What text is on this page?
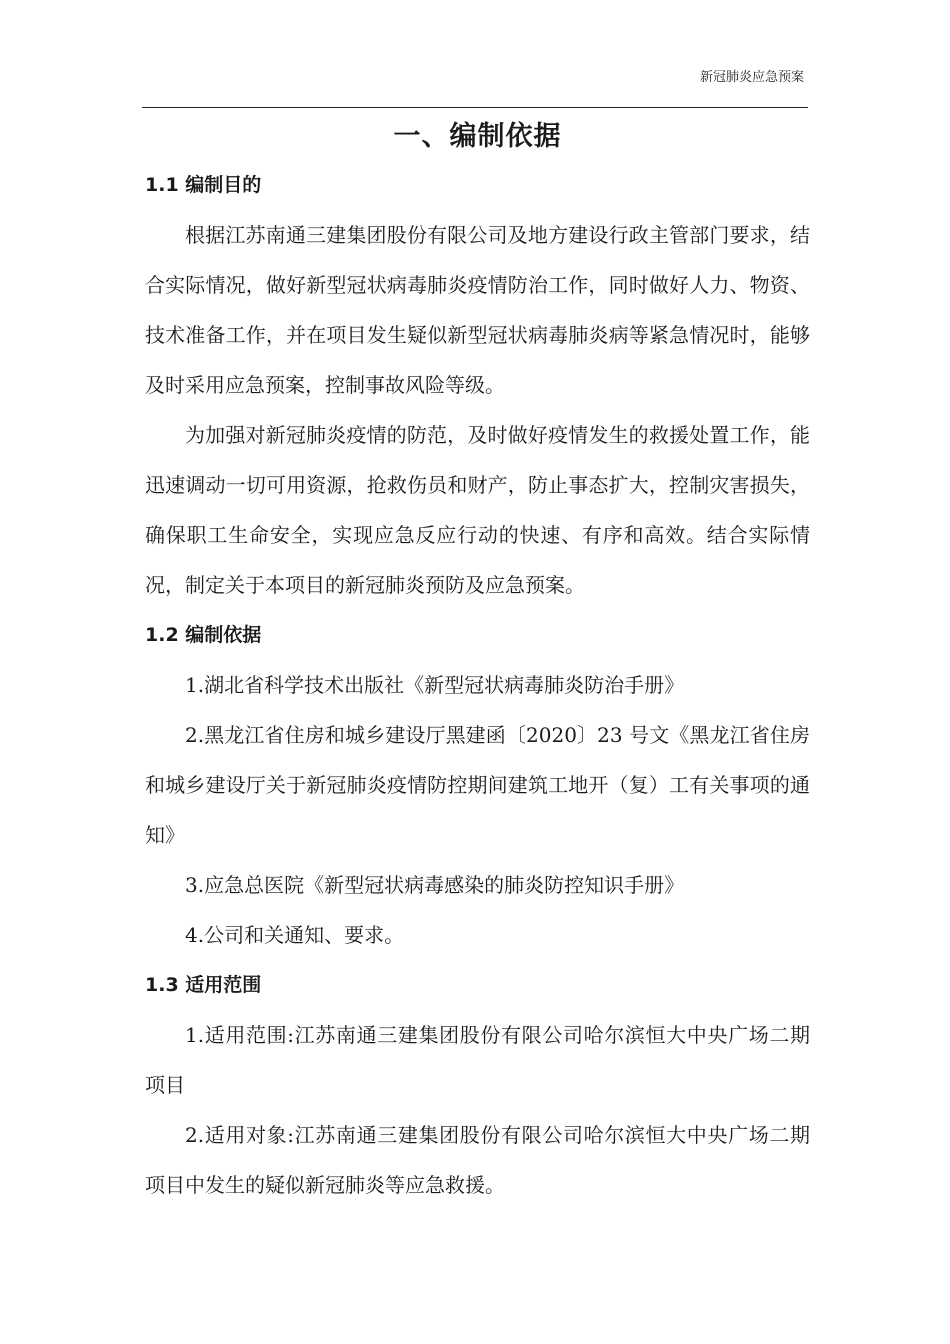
新冠肺炎应急预案
一、编制依据
1.1 编制目的

根据江苏南通三建集团股份有限公司及地方建设行政主管部门要求，结合实际情况，做好新型冠状病毒肺炎疫情防治工作，同时做好人力、物资、技术准备工作，并在项目发生疑似新型冠状病毒肺炎病等紧急情况时，能够及时采用应急预案，控制事故风险等级。

为加强对新冠肺炎疫情的防范，及时做好疫情发生的救援处置工作，能迅速调动一切可用资源，抢救伤员和财产，防止事态扩大，控制灾害损失，确保职工生命安全，实现应急反应行动的快速、有序和高效。结合实际情况，制定关于本项目的新冠肺炎预防及应急预案。

1.2 编制依据

1.湖北省科学技术出版社《新型冠状病毒肺炎防治手册》

2.黑龙江省住房和城乡建设厅黑建函〔2020〕23 号文《黑龙江省住房和城乡建设厅关于新冠肺炎疫情防控期间建筑工地开（复）工有关事项的通知》

3.应急总医院《新型冠状病毒感染的肺炎防控知识手册》

4.公司和关通知、要求。

1.3 适用范围

1.适用范围:江苏南通三建集团股份有限公司哈尔滨恒大中央广场二期项目

2.适用对象:江苏南通三建集团股份有限公司哈尔滨恒大中央广场二期项目中发生的疑似新冠肺炎等应急救援。
